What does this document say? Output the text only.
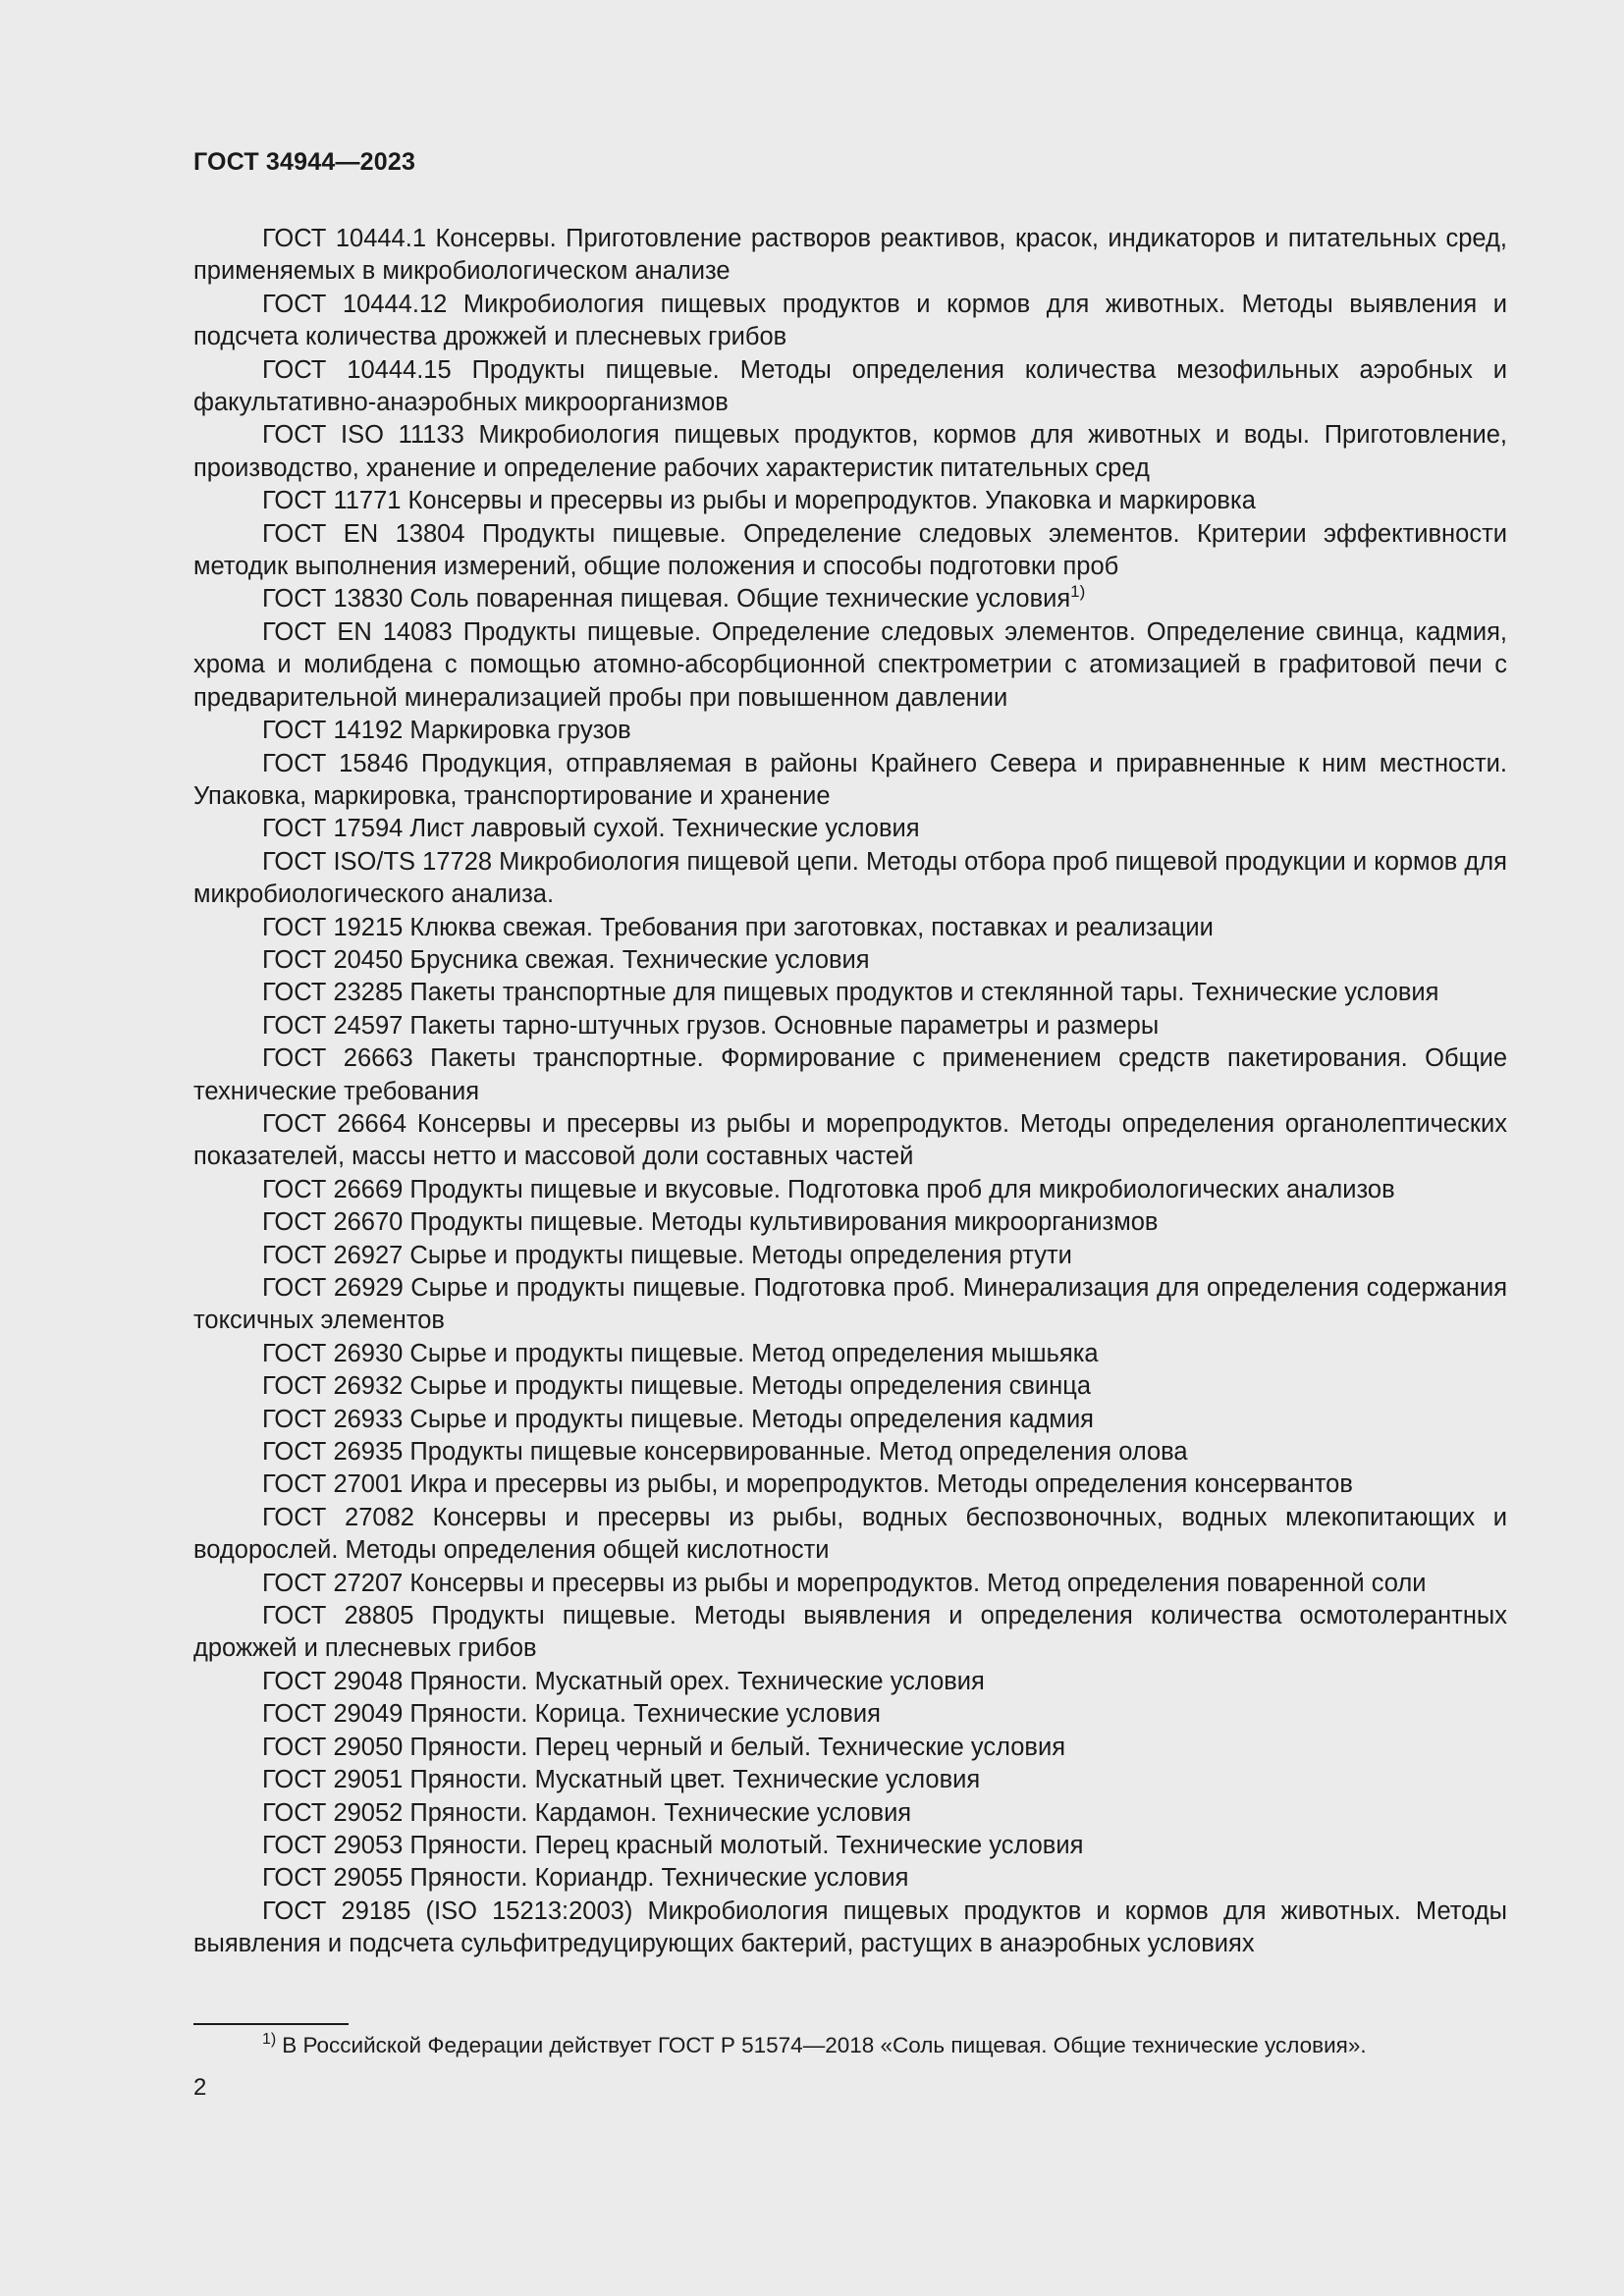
ГОСТ 34944—2023

ГОСТ 10444.1 Консервы. Приготовление растворов реактивов, красок, индикаторов и питательных сред, применяемых в микробиологическом анализе

ГОСТ 10444.12 Микробиология пищевых продуктов и кормов для животных. Методы выявления и подсчета количества дрожжей и плесневых грибов

ГОСТ 10444.15 Продукты пищевые. Методы определения количества мезофильных аэробных и факультативно-анаэробных микроорганизмов

ГОСТ ISO 11133 Микробиология пищевых продуктов, кормов для животных и воды. Приготовление, производство, хранение и определение рабочих характеристик питательных сред

ГОСТ 11771 Консервы и пресервы из рыбы и морепродуктов. Упаковка и маркировка

ГОСТ EN 13804 Продукты пищевые. Определение следовых элементов. Критерии эффективности методик выполнения измерений, общие положения и способы подготовки проб

ГОСТ 13830 Соль поваренная пищевая. Общие технические условия$^{1)}$

ГОСТ EN 14083 Продукты пищевые. Определение следовых элементов. Определение свинца, кадмия, хрома и молибдена с помощью атомно-абсорбционной спектрометрии с атомизацией в графитовой печи с предварительной минерализацией пробы при повышенном давлении

ГОСТ 14192 Маркировка грузов

ГОСТ 15846 Продукция, отправляемая в районы Крайнего Севера и приравненные к ним местности. Упаковка, маркировка, транспортирование и хранение

ГОСТ 17594 Лист лавровый сухой. Технические условия

ГОСТ ISO/TS 17728 Микробиология пищевой цепи. Методы отбора проб пищевой продукции и кормов для микробиологического анализа.

ГОСТ 19215 Клюква свежая. Требования при заготовках, поставках и реализации

ГОСТ 20450 Брусника свежая. Технические условия

ГОСТ 23285 Пакеты транспортные для пищевых продуктов и стеклянной тары. Технические условия

ГОСТ 24597 Пакеты тарно-штучных грузов. Основные параметры и размеры

ГОСТ 26663 Пакеты транспортные. Формирование с применением средств пакетирования. Общие технические требования

ГОСТ 26664 Консервы и пресервы из рыбы и морепродуктов. Методы определения органолептических показателей, массы нетто и массовой доли составных частей

ГОСТ 26669 Продукты пищевые и вкусовые. Подготовка проб для микробиологических анализов

ГОСТ 26670 Продукты пищевые. Методы культивирования микроорганизмов

ГОСТ 26927 Сырье и продукты пищевые. Методы определения ртути

ГОСТ 26929 Сырье и продукты пищевые. Подготовка проб. Минерализация для определения содержания токсичных элементов

ГОСТ 26930 Сырье и продукты пищевые. Метод определения мышьяка

ГОСТ 26932 Сырье и продукты пищевые. Методы определения свинца

ГОСТ 26933 Сырье и продукты пищевые. Методы определения кадмия

ГОСТ 26935 Продукты пищевые консервированные. Метод определения олова

ГОСТ 27001 Икра и пресервы из рыбы, и морепродуктов. Методы определения консервантов

ГОСТ 27082 Консервы и пресервы из рыбы, водных беспозвоночных, водных млекопитающих и водорослей. Методы определения общей кислотности

ГОСТ 27207 Консервы и пресервы из рыбы и морепродуктов. Метод определения поваренной соли

ГОСТ 28805 Продукты пищевые. Методы выявления и определения количества осмотолерантных дрожжей и плесневых грибов

ГОСТ 29048 Пряности. Мускатный орех. Технические условия

ГОСТ 29049 Пряности. Корица. Технические условия

ГОСТ 29050 Пряности. Перец черный и белый. Технические условия

ГОСТ 29051 Пряности. Мускатный цвет. Технические условия

ГОСТ 29052 Пряности. Кардамон. Технические условия

ГОСТ 29053 Пряности. Перец красный молотый. Технические условия

ГОСТ 29055 Пряности. Кориандр. Технические условия

ГОСТ 29185 (ISO 15213:2003) Микробиология пищевых продуктов и кормов для животных. Методы выявления и подсчета сульфитредуцирующих бактерий, растущих в анаэробных условиях

$^{1)}$ В Российской Федерации действует ГОСТ Р 51574—2018 «Соль пищевая. Общие технические условия».
2
